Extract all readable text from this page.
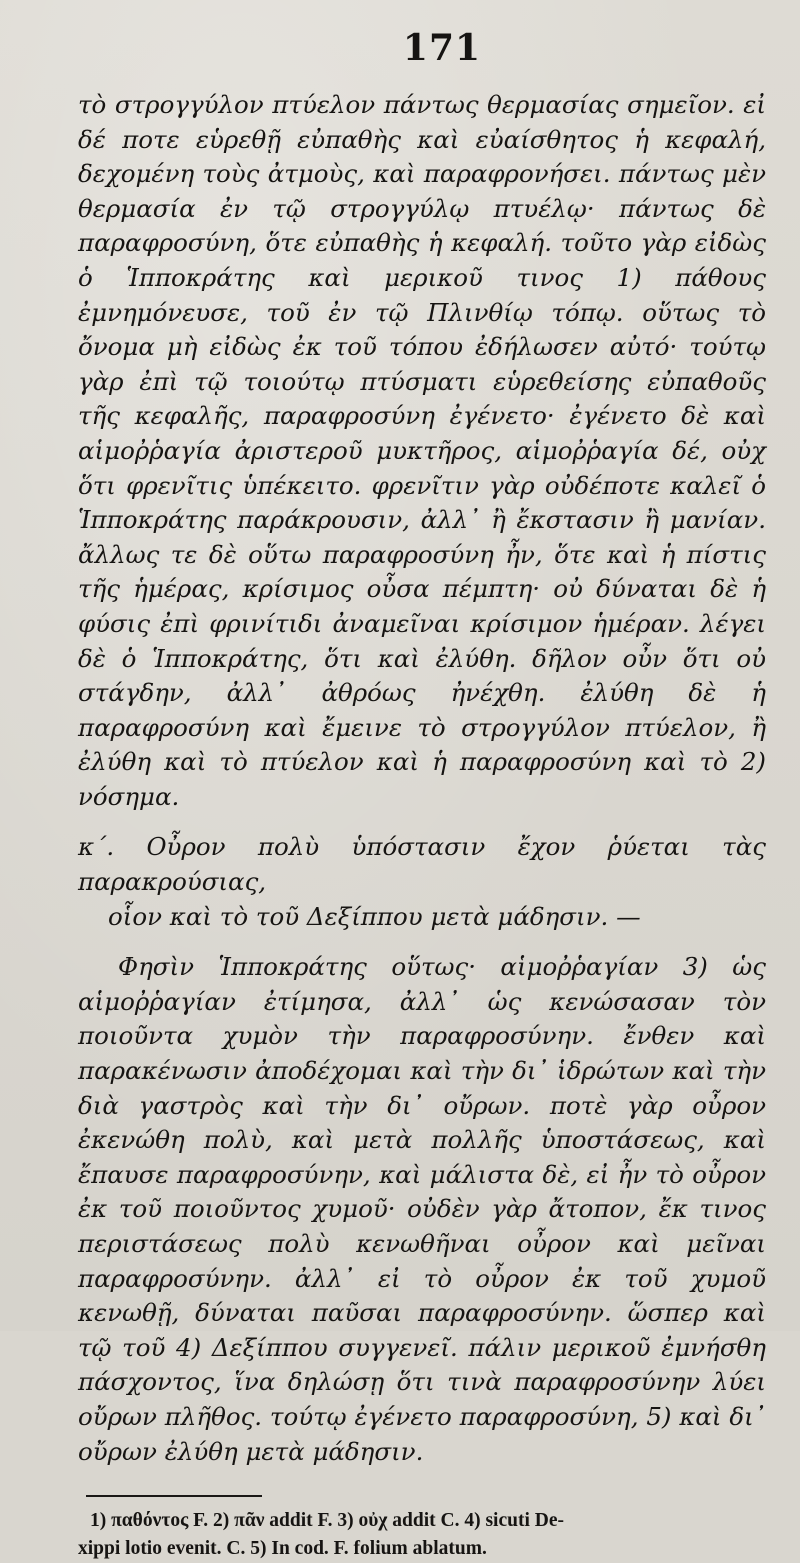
171

τὸ στρογγύλον πτύελον πάντως θερμασίας σημεῖον. εἰ δέ ποτε εὑρεθῇ εὐπαθὴς καὶ εὐαίσθητος ἡ κεφαλή, δεχομένη τοὺς ἀτμοὺς, καὶ παραφρονήσει. πάντως μὲν θερμασία ἐν τῷ στρογγύλῳ πτυέλῳ· πάντως δὲ παραφροσύνη, ὅτε εὐπαθὴς ἡ κεφαλή. τοῦτο γὰρ εἰδὼς ὁ Ἱπποκράτης καὶ μερικοῦ τινος 1) πάθους ἐμνημόνευσε, τοῦ ἐν τῷ Πλινθίῳ τόπῳ. οὕτως τὸ ὄνομα μὴ εἰδὼς ἐκ τοῦ τόπου ἐδήλωσεν αὐτό· τούτῳ γὰρ ἐπὶ τῷ τοιούτῳ πτύσματι εὑρεθείσης εὐπαθοῦς τῆς κεφαλῆς, παραφροσύνη ἐγένετο· ἐγένετο δὲ καὶ αἱμοῤῥαγία ἀριστεροῦ μυκτῆρος, αἱμοῤῥαγία δέ, οὐχ ὅτι φρενῖτις ὑπέκειτο. φρενῖτιν γὰρ οὐδέποτε καλεῖ ὁ Ἱπποκράτης παράκρουσιν, ἀλλ᾽ ἢ ἔκστασιν ἢ μανίαν. ἄλλως τε δὲ οὕτω παραφροσύνη ἦν, ὅτε καὶ ἡ πίστις τῆς ἡμέρας, κρίσιμος οὖσα πέμπτη· οὐ δύναται δὲ ἡ φύσις ἐπὶ φρινίτιδι ἀναμεῖναι κρίσιμον ἡμέραν. λέγει δὲ ὁ Ἱπποκράτης, ὅτι καὶ ἐλύθη. δῆλον οὖν ὅτι οὐ στάγδην, ἀλλ᾽ ἀθρόως ἠνέχθη. ἐλύθη δὲ ἡ παραφροσύνη καὶ ἔμεινε τὸ στρογγύλον πτύελον, ἢ ἐλύθη καὶ τὸ πτύελον καὶ ἡ παραφροσύνη καὶ τὸ 2) νόσημα.

κ΄. Οὖρον πολὺ ὑπόστασιν ἔχον ῥύεται τὰς παρακρούσιας,
οἷον καὶ τὸ τοῦ Δεξίππου μετὰ μάδησιν. —

Φησὶν Ἱπποκράτης οὕτως· αἱμοῤῥαγίαν 3) ὡς αἱμοῤῥαγίαν ἐτίμησα, ἀλλ᾽ ὡς κενώσασαν τὸν ποιοῦντα χυμὸν τὴν παραφροσύνην. ἔνθεν καὶ παρακένωσιν ἀποδέχομαι καὶ τὴν δι᾽ ἱδρώτων καὶ τὴν διὰ γαστρὸς καὶ τὴν δι᾽ οὔρων. ποτὲ γὰρ οὖρον ἐκενώθη πολὺ, καὶ μετὰ πολλῆς ὑποστάσεως, καὶ ἔπαυσε παραφροσύνην, καὶ μάλιστα δὲ, εἰ ἦν τὸ οὖρον ἐκ τοῦ ποιοῦντος χυμοῦ· οὐδὲν γὰρ ἄτοπον, ἔκ τινος περιστάσεως πολὺ κενωθῆναι οὖρον καὶ μεῖναι παραφροσύνην. ἀλλ᾽ εἰ τὸ οὖρον ἐκ τοῦ χυμοῦ κενωθῇ, δύναται παῦσαι παραφροσύνην. ὥσπερ καὶ τῷ τοῦ 4) Δεξίππου συγγενεῖ. πάλιν μερικοῦ ἐμνήσθη πάσχοντος, ἵνα δηλώσῃ ὅτι τινὰ παραφροσύνην λύει οὔρων πλῆθος. τούτῳ ἐγένετο παραφροσύνη, 5) καὶ δι᾽ οὔρων ἐλύθη μετὰ μάδησιν.

1) παθόντος F. 2) πᾶν addit F. 3) οὐχ addit C. 4) sicuti De-
xippi lotio evenit. C. 5) In cod. F. folium ablatum.
